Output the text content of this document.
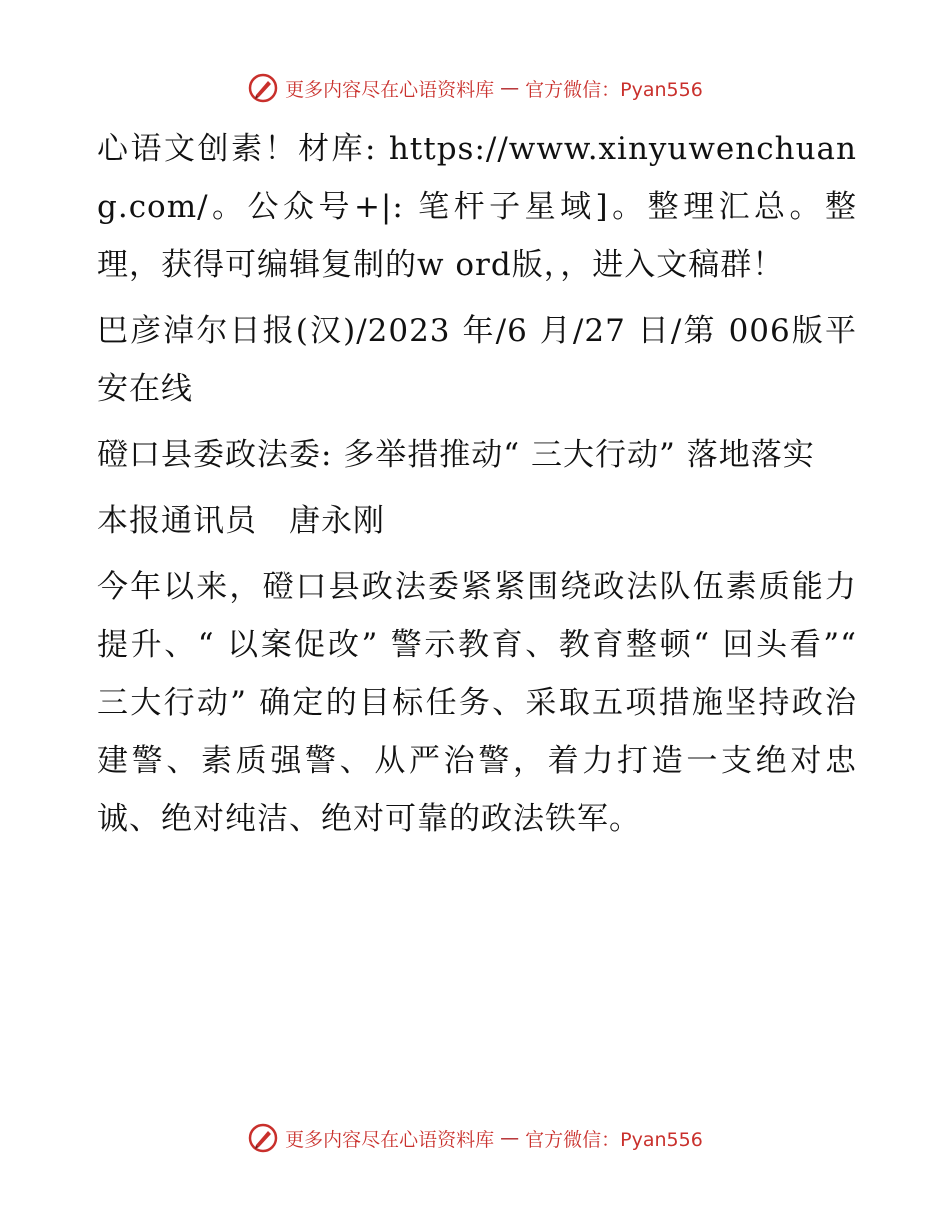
更多内容尽在心语资料库 — 官方微信：Pyan556

心语文创素！材库: https://www.xinyuwenchuang.com/。公众号+|: 笔杆子星域]。整理汇总。整理，获得可编辑复制的w ord版，，进入文稿群！

巴彦淖尔日报(汉)/2023 年/6 月/27 日/第 006版平安在线

磴口县委政法委: 多举措推动“ 三大行动” 落地落实

本报通讯员　唐永刚

今年以来，磴口县政法委紧紧围绕政法队伍素质能力提升、“ 以案促改” 警示教育、教育整顿“ 回头看”“ 三大行动” 确定的目标任务、采取五项措施坚持政治建警、素质强警、从严治警，着力打造一支绝对忠诚、绝对纯洁、绝对可靠的政法铁军。

更多内容尽在心语资料库 — 官方微信：Pyan556
